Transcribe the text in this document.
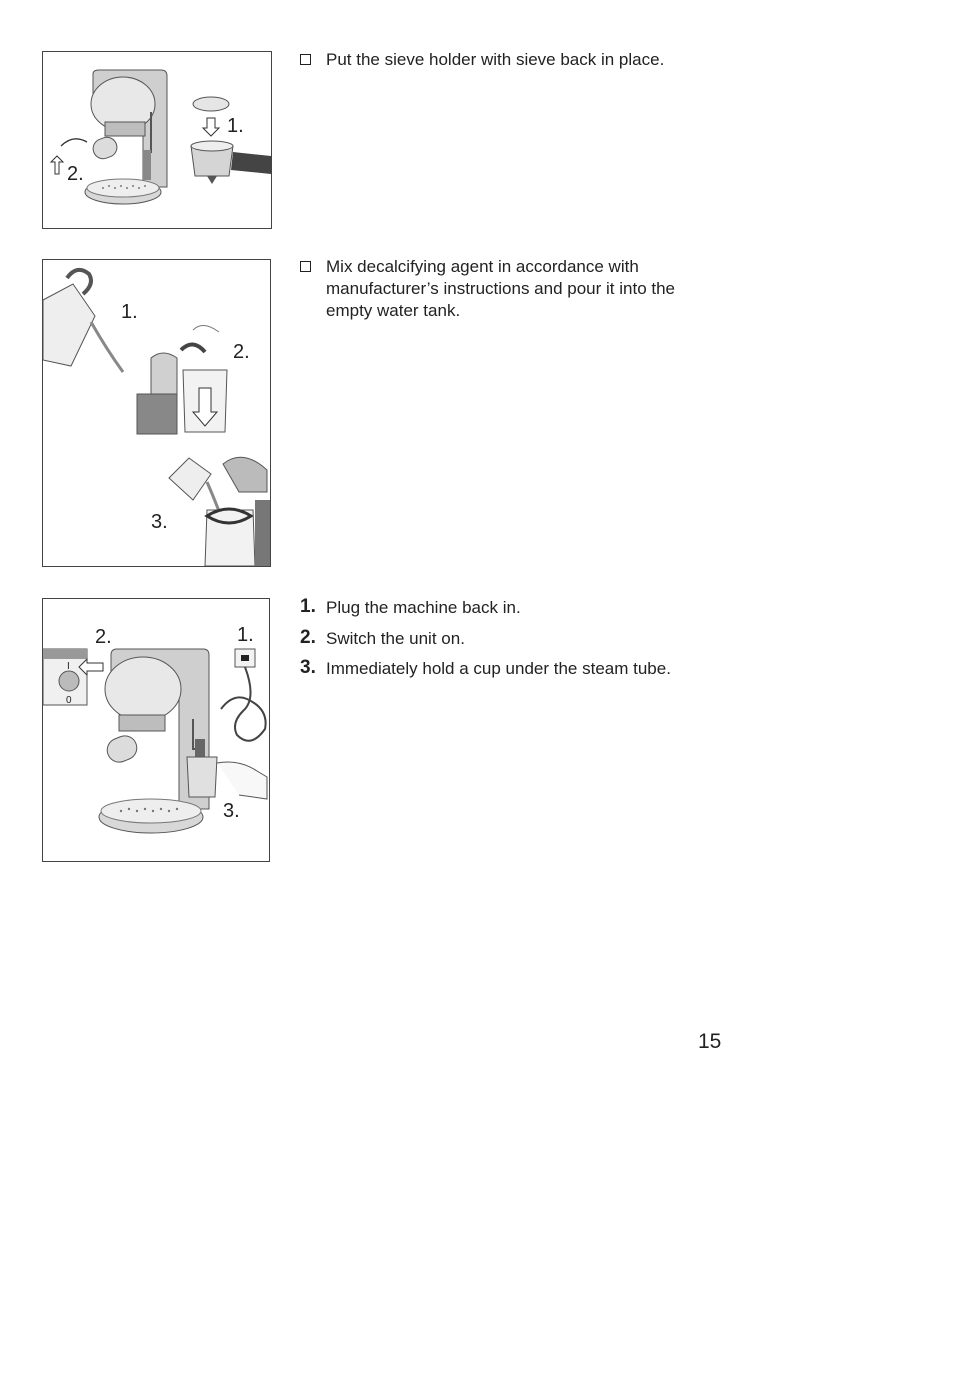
2.
1.
Put the sieve holder with sieve back in place.
1.
2.
3.
Mix decalcifying agent in accordance with manufacturer’s instructions and pour it into the empty water tank.
2.	1.
I
0
3.
1. Plug the machine back in.
2. Switch the unit on.
3. Immediately hold a cup under the steam tube.
15
